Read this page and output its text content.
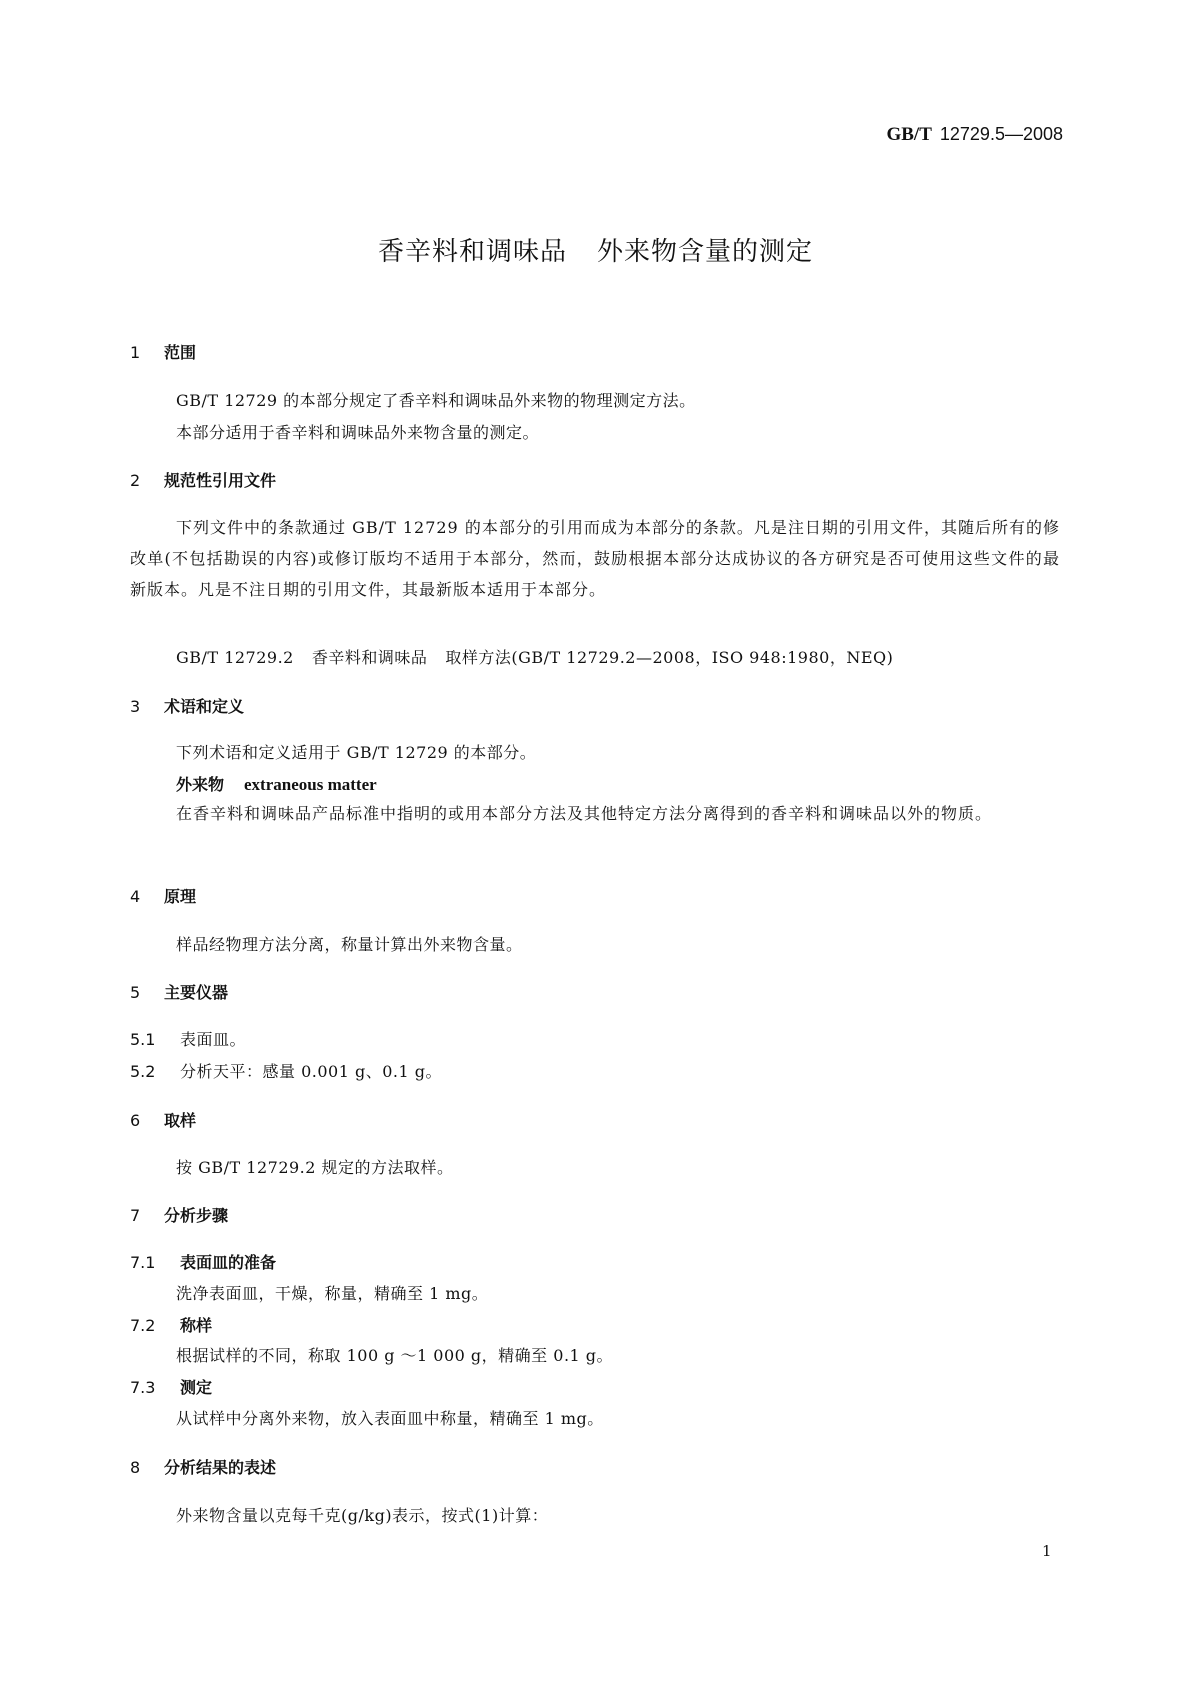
GB/T 12729.5—2008
香辛料和调味品 外来物含量的测定
1 范围
GB/T 12729 的本部分规定了香辛料和调味品外来物的物理测定方法。
本部分适用于香辛料和调味品外来物含量的测定。
2 规范性引用文件
下列文件中的条款通过 GB/T 12729 的本部分的引用而成为本部分的条款。凡是注日期的引用文件，其随后所有的修改单(不包括勘误的内容)或修订版均不适用于本部分，然而，鼓励根据本部分达成协议的各方研究是否可使用这些文件的最新版本。凡是不注日期的引用文件，其最新版本适用于本部分。
GB/T 12729.2 香辛料和调味品 取样方法(GB/T 12729.2—2008，ISO 948:1980，NEQ)
3 术语和定义
下列术语和定义适用于 GB/T 12729 的本部分。
外来物 extraneous matter
在香辛料和调味品产品标准中指明的或用本部分方法及其他特定方法分离得到的香辛料和调味品以外的物质。
4 原理
样品经物理方法分离，称量计算出外来物含量。
5 主要仪器
5.1 表面皿。
5.2 分析天平：感量 0.001 g、0.1 g。
6 取样
按 GB/T 12729.2 规定的方法取样。
7 分析步骤
7.1 表面皿的准备
洗净表面皿，干燥，称量，精确至 1 mg。
7.2 称样
根据试样的不同，称取 100 g ～1 000 g，精确至 0.1 g。
7.3 测定
从试样中分离外来物，放入表面皿中称量，精确至 1 mg。
8 分析结果的表述
外来物含量以克每千克(g/kg)表示，按式(1)计算：
1
